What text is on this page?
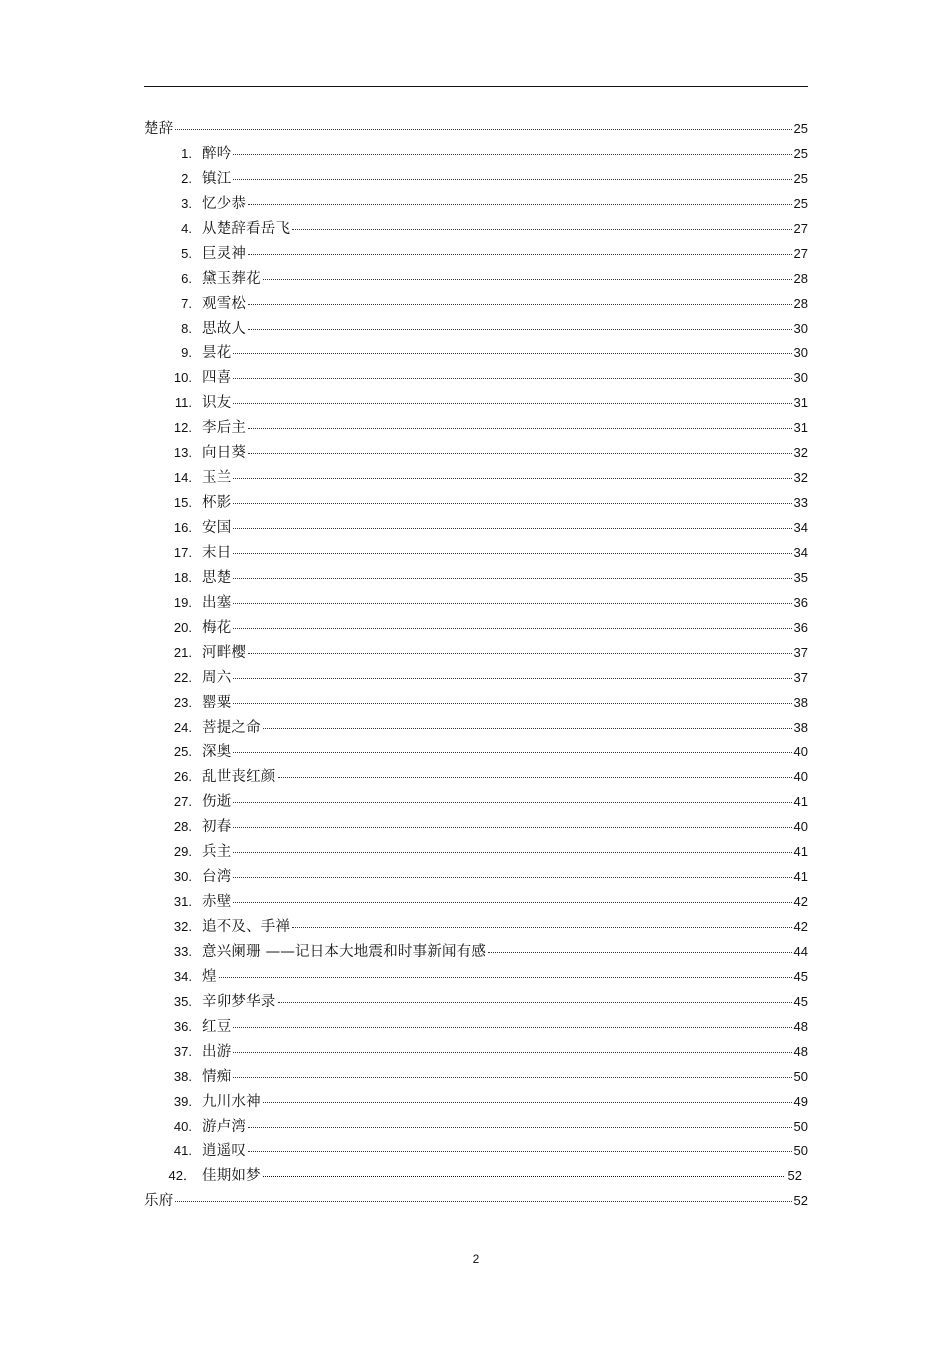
楚辞	25
1. 醉吟	25
2. 镇江	25
3. 忆少恭	25
4. 从楚辞看岳飞	27
5. 巨灵神	27
6. 黛玉葬花	28
7. 观雪松	28
8. 思故人	30
9. 昙花	30
10. 四喜	30
11. 识友	31
12. 李后主	31
13. 向日葵	32
14. 玉兰	32
15. 杯影	33
16. 安国	34
17. 末日	34
18. 思楚	35
19. 出塞	36
20. 梅花	36
21. 河畔樱	37
22. 周六	37
23. 罂粟	38
24. 菩提之命	38
25. 深奥	40
26. 乱世丧红颜	40
27. 伤逝	41
28. 初春	40
29. 兵主	41
30. 台湾	41
31. 赤壁	42
32. 追不及、手禅	42
33. 意兴阑珊 ——记日本大地震和时事新闻有感	44
34. 煌	45
35. 辛卯梦华录	45
36. 红豆	48
37. 出游	48
38. 情痴	50
39. 九川水神	49
40. 游卢湾	50
41. 逍遥叹	50
42． 佳期如梦	52
乐府	52
2
